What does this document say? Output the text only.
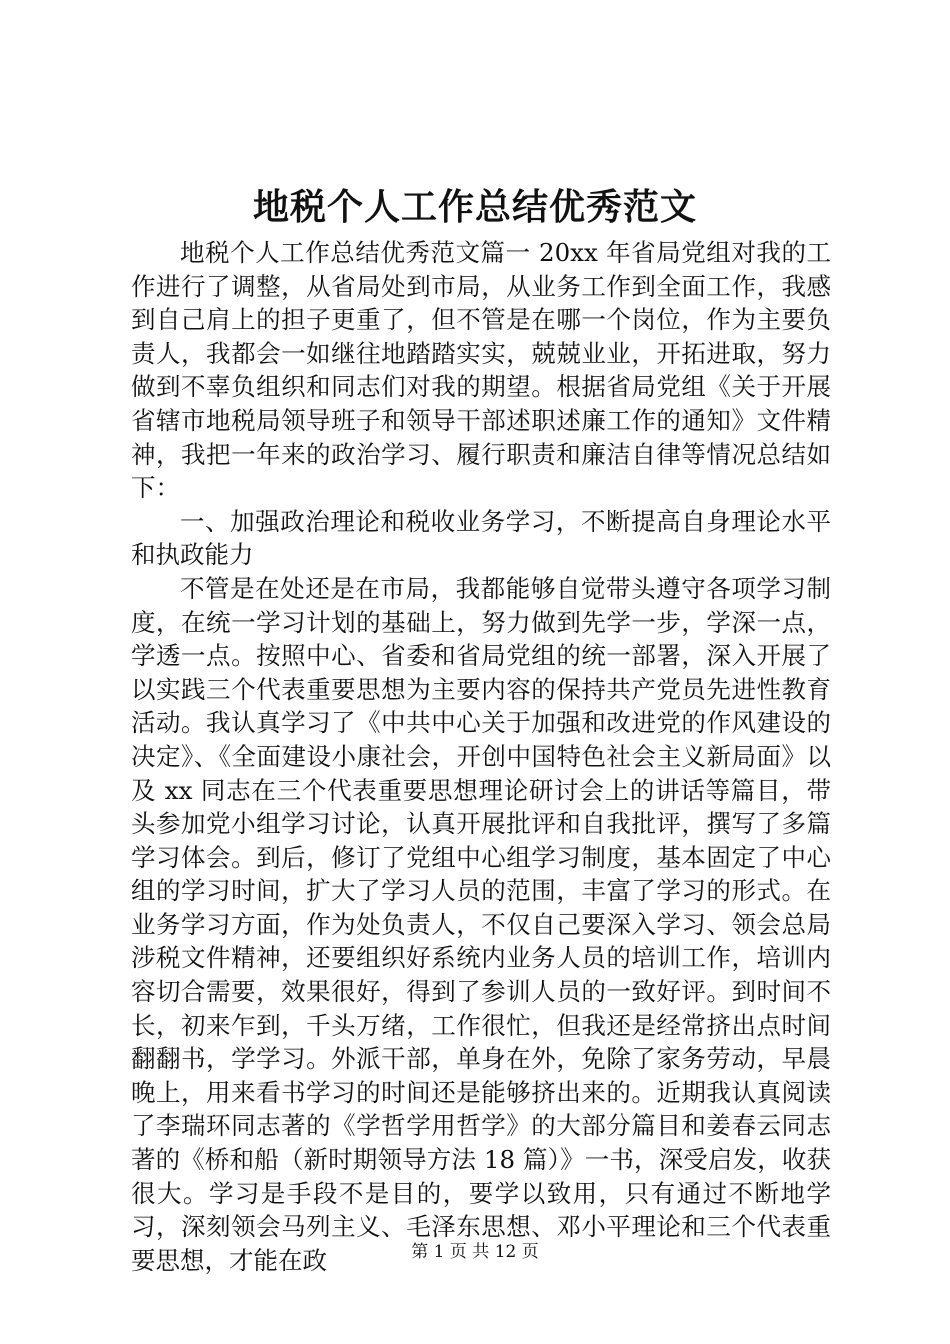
地税个人工作总结优秀范文

地税个人工作总结优秀范文篇一 20xx 年省局党组对我的工作进行了调整，从省局处到市局，从业务工作到全面工作，我感到自己肩上的担子更重了，但不管是在哪一个岗位，作为主要负责人，我都会一如继往地踏踏实实，兢兢业业，开拓进取，努力做到不辜负组织和同志们对我的期望。根据省局党组《关于开展省辖市地税局领导班子和领导干部述职述廉工作的通知》文件精神，我把一年来的政治学习、履行职责和廉洁自律等情况总结如下：

一、加强政治理论和税收业务学习，不断提高自身理论水平和执政能力

不管是在处还是在市局，我都能够自觉带头遵守各项学习制度，在统一学习计划的基础上，努力做到先学一步，学深一点，学透一点。按照中心、省委和省局党组的统一部署，深入开展了以实践三个代表重要思想为主要内容的保持共产党员先进性教育活动。我认真学习了《中共中心关于加强和改进党的作风建设的决定》、《全面建设小康社会，开创中国特色社会主义新局面》以及 xx 同志在三个代表重要思想理论研讨会上的讲话等篇目，带头参加党小组学习讨论，认真开展批评和自我批评，撰写了多篇学习体会。到后，修订了党组中心组学习制度，基本固定了中心组的学习时间，扩大了学习人员的范围，丰富了学习的形式。在业务学习方面，作为处负责人，不仅自己要深入学习、领会总局涉税文件精神，还要组织好系统内业务人员的培训工作，培训内容切合需要，效果很好，得到了参训人员的一致好评。到时间不长，初来乍到，千头万绪，工作很忙，但我还是经常挤出点时间翻翻书，学学习。外派干部，单身在外，免除了家务劳动，早晨晚上，用来看书学习的时间还是能够挤出来的。近期我认真阅读了李瑞环同志著的《学哲学用哲学》的大部分篇目和姜春云同志著的《桥和船（新时期领导方法 18 篇）》一书，深受启发，收获很大。学习是手段不是目的，要学以致用，只有通过不断地学习，深刻领会马列主义、毛泽东思想、邓小平理论和三个代表重要思想，才能在政	第 1 页 共 12 页
